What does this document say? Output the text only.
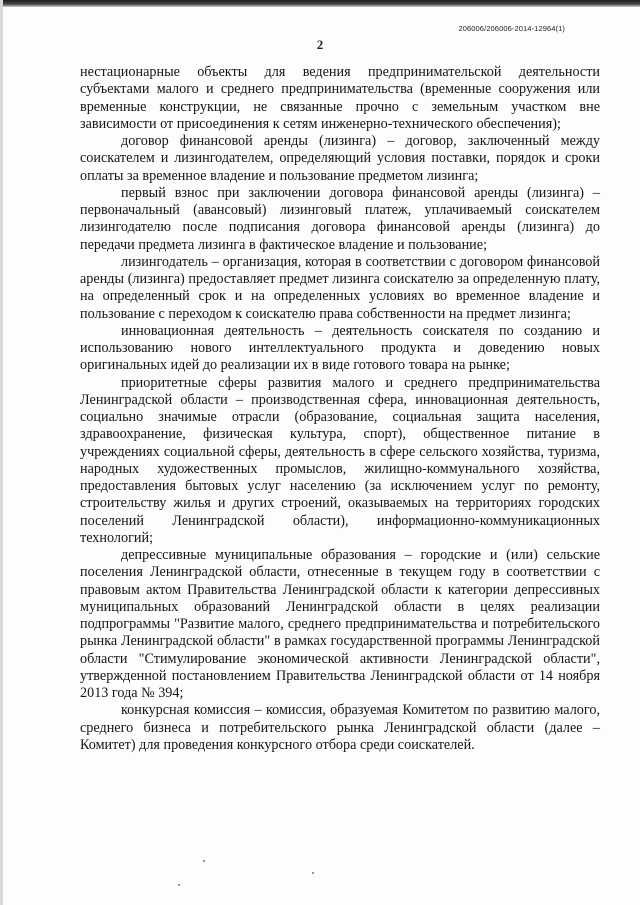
206006/206006-2014-12964(1)
2

нестационарные объекты для ведения предпринимательской деятельности субъектами малого и среднего предпринимательства (временные сооружения или временные конструкции, не связанные прочно с земельным участком вне зависимости от присоединения к сетям инженерно-технического обеспечения);

договор финансовой аренды (лизинга) – договор, заключенный между соискателем и лизингодателем, определяющий условия поставки, порядок и сроки оплаты за временное владение и пользование предметом лизинга;

первый взнос при заключении договора финансовой аренды (лизинга) – первоначальный (авансовый) лизинговый платеж, уплачиваемый соискателем лизингодателю после подписания договора финансовой аренды (лизинга) до передачи предмета лизинга в фактическое владение и пользование;

лизингодатель – организация, которая в соответствии с договором финансовой аренды (лизинга) предоставляет предмет лизинга соискателю за определенную плату, на определенный срок и на определенных условиях во временное владение и пользование с переходом к соискателю права собственности на предмет лизинга;

инновационная деятельность – деятельность соискателя по созданию и использованию нового интеллектуального продукта и доведению новых оригинальных идей до реализации их в виде готового товара на рынке;

приоритетные сферы развития малого и среднего предпринимательства Ленинградской области – производственная сфера, инновационная деятельность, социально значимые отрасли (образование, социальная защита населения, здравоохранение, физическая культура, спорт), общественное питание в учреждениях социальной сферы, деятельность в сфере сельского хозяйства, туризма, народных художественных промыслов, жилищно-коммунального хозяйства, предоставления бытовых услуг населению (за исключением услуг по ремонту, строительству жилья и других строений, оказываемых на территориях городских поселений Ленинградской области), информационно-коммуникационных технологий;

депрессивные муниципальные образования – городские и (или) сельские поселения Ленинградской области, отнесенные в текущем году в соответствии с правовым актом Правительства Ленинградской области к категории депрессивных муниципальных образований Ленинградской области в целях реализации подпрограммы "Развитие малого, среднего предпринимательства и потребительского рынка Ленинградской области" в рамках государственной программы Ленинградской области "Стимулирование экономической активности Ленинградской области", утвержденной постановлением Правительства Ленинградской области от 14 ноября 2013 года № 394;

конкурсная комиссия – комиссия, образуемая Комитетом по развитию малого, среднего бизнеса и потребительского рынка Ленинградской области (далее – Комитет) для проведения конкурсного отбора среди соискателей.
